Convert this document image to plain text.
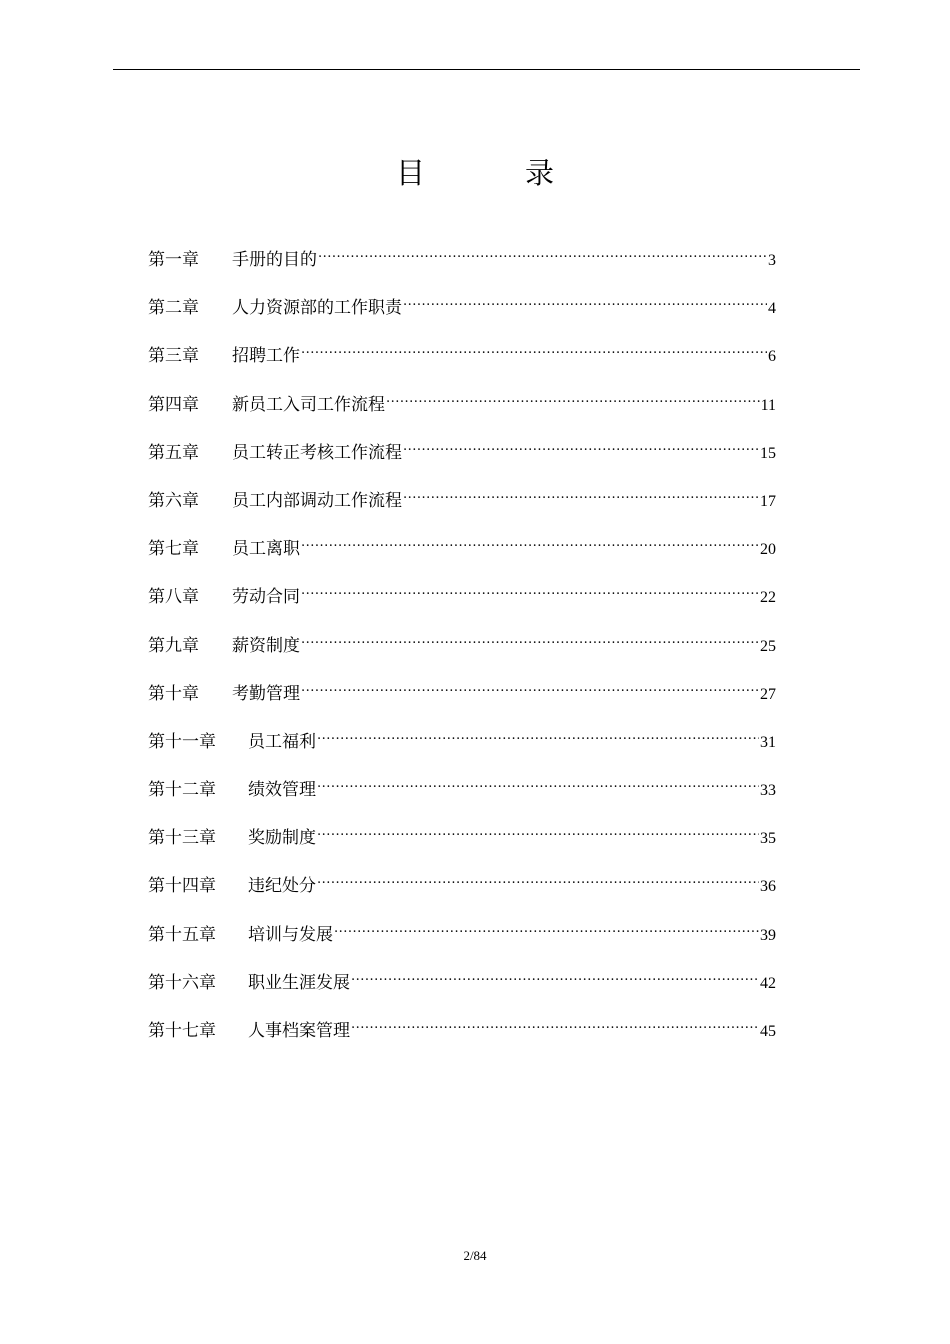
目	录
第一章	手册的目的 .....	3
第二章	人力资源部的工作职责 .....	4
第三章	招聘工作 .....	6
第四章	新员工入司工作流程 .....	11
第五章	员工转正考核工作流程 .....	15
第六章	员工内部调动工作流程 .....	17
第七章	员工离职 .....	20
第八章	劳动合同 .....	22
第九章	薪资制度 .....	25
第十章	考勤管理 .....	27
第十一章	员工福利 .....	31
第十二章	绩效管理 .....	33
第十三章	奖励制度 .....	35
第十四章	违纪处分 .....	36
第十五章	培训与发展 .....	39
第十六章	职业生涯发展 .....	42
第十七章	人事档案管理 .....	45
2/84
